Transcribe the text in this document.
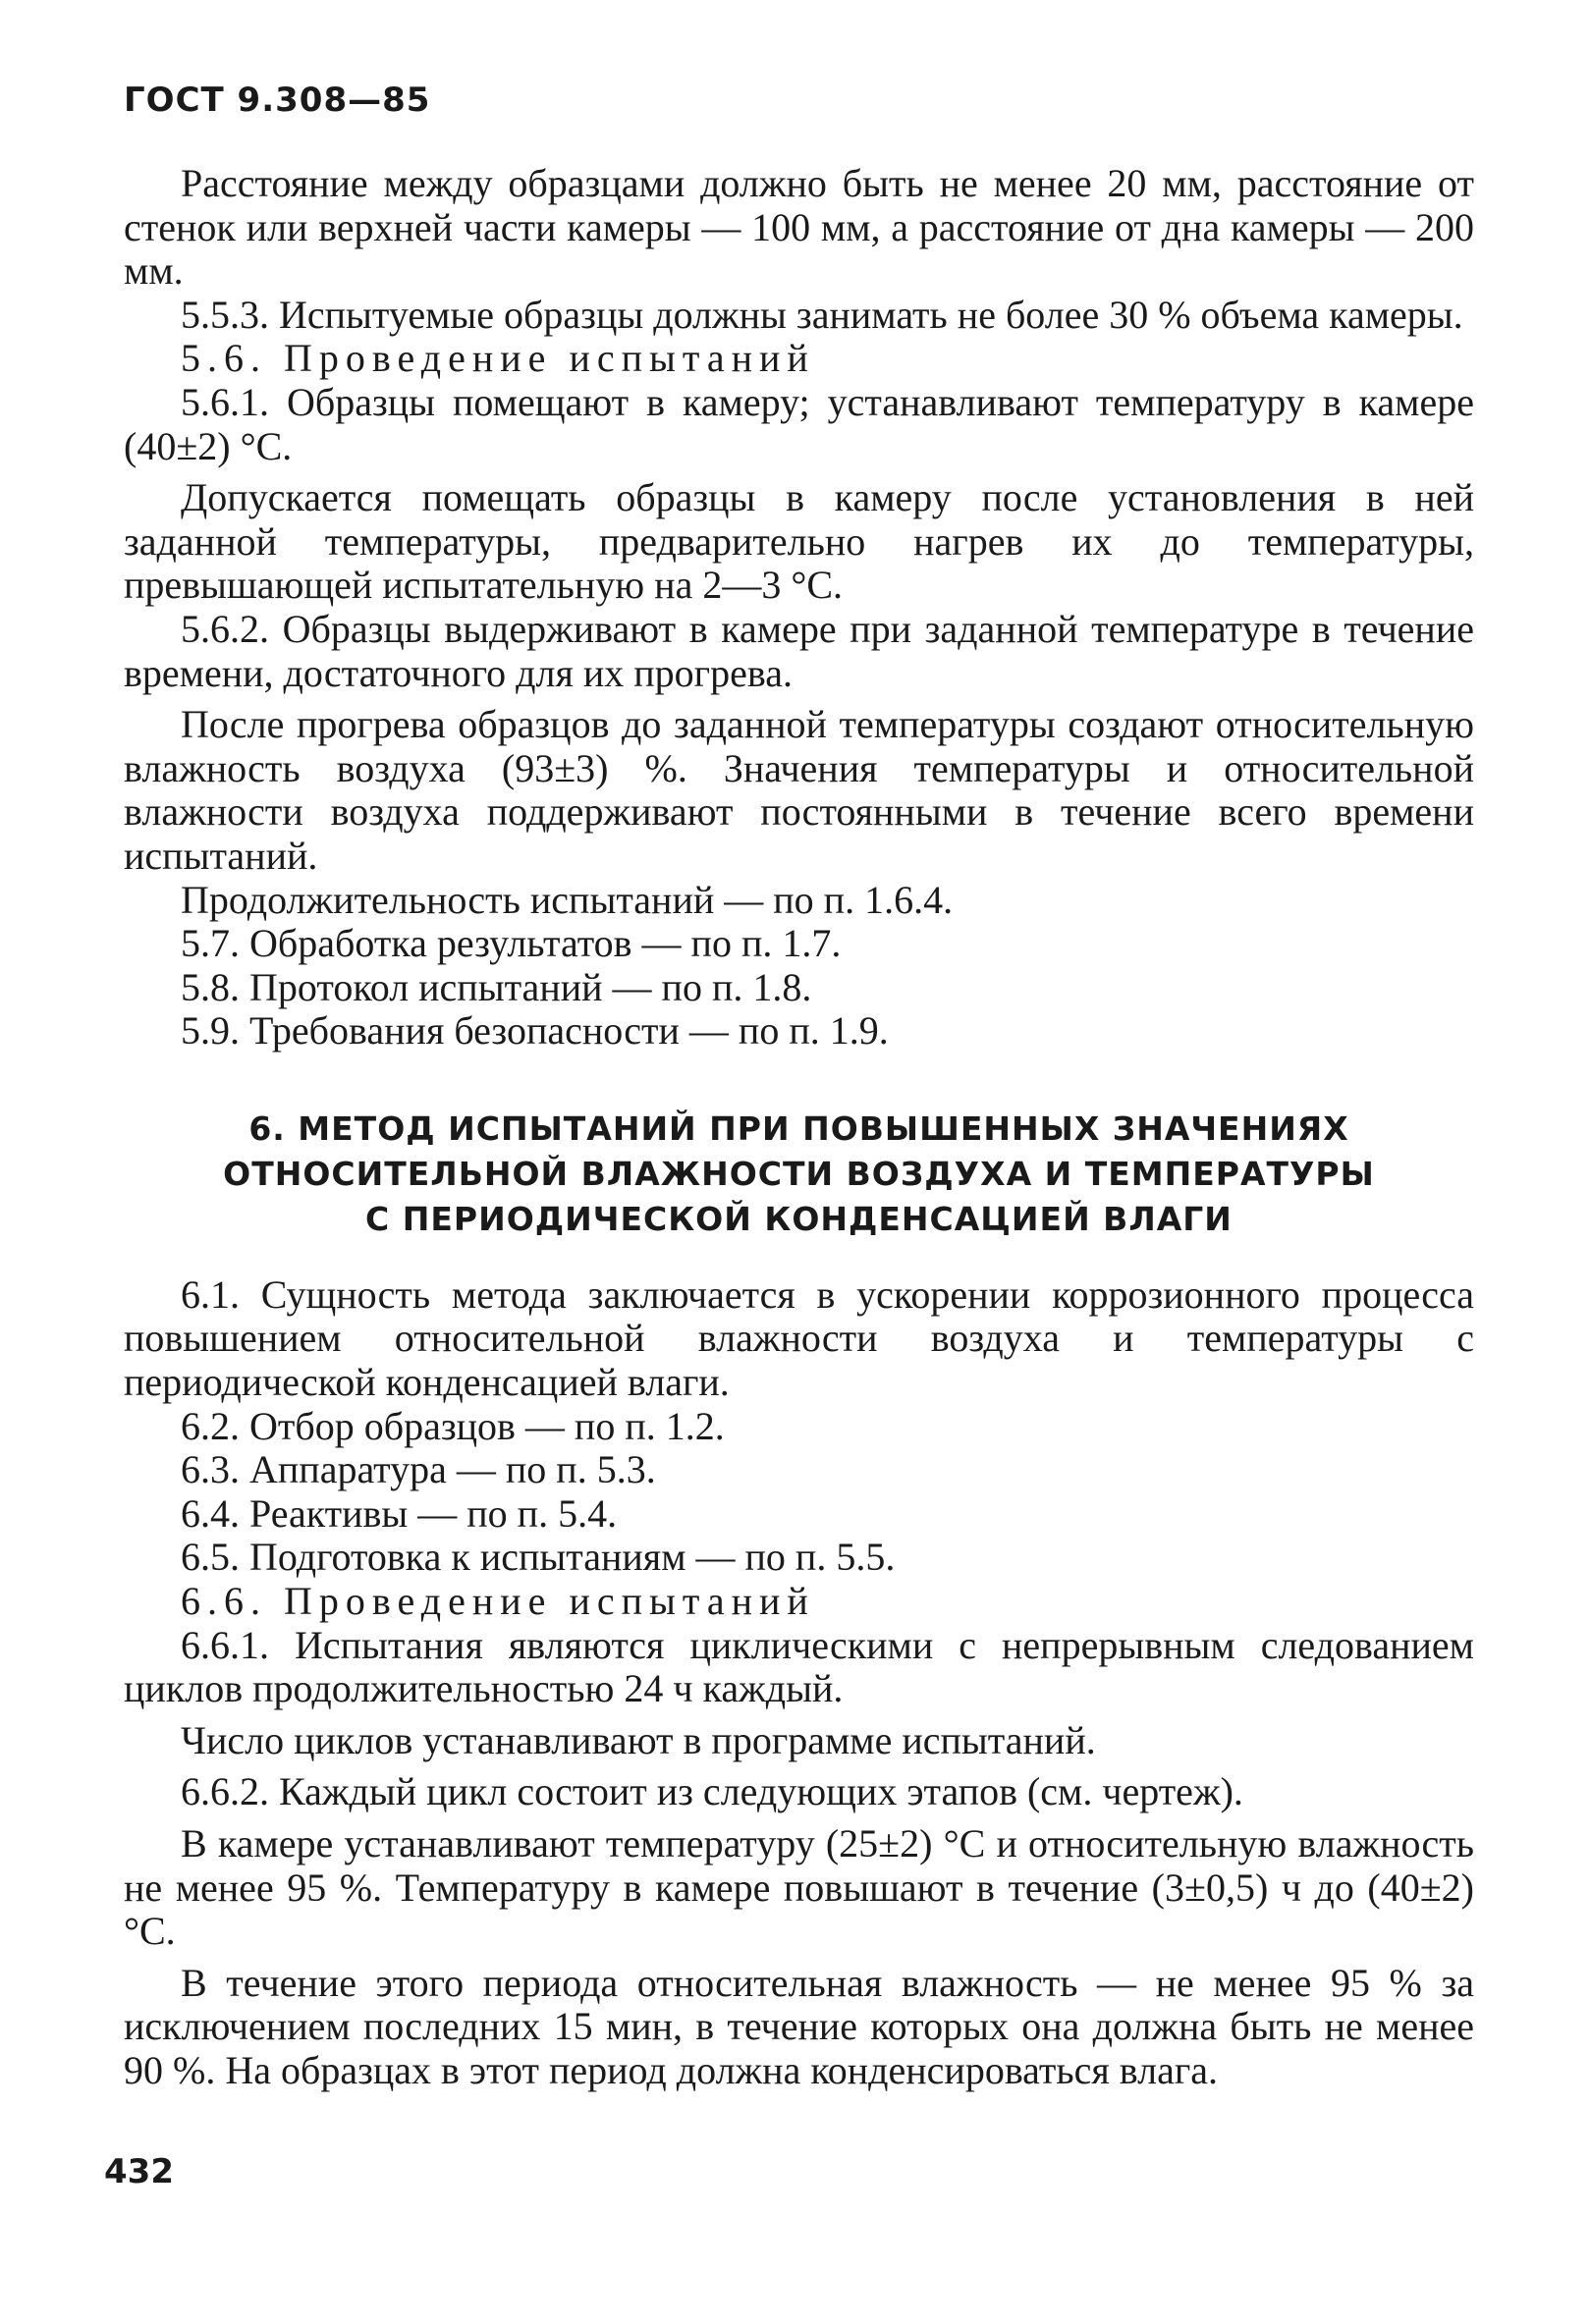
ГОСТ 9.308—85
Расстояние между образцами должно быть не менее 20 мм, расстояние от стенок или верхней части камеры — 100 мм, а расстояние от дна камеры — 200 мм.
5.5.3. Испытуемые образцы должны занимать не более 30 % объема камеры.
5.6. Проведение испытаний
5.6.1. Образцы помещают в камеру; устанавливают температуру в камере (40±2) °С.
Допускается помещать образцы в камеру после установления в ней заданной температуры, предварительно нагрев их до температуры, превышающей испытательную на 2—3 °С.
5.6.2. Образцы выдерживают в камере при заданной температуре в течение времени, достаточного для их прогрева.
После прогрева образцов до заданной температуры создают относительную влажность воздуха (93±3) %. Значения температуры и относительной влажности воздуха поддерживают постоянными в течение всего времени испытаний.
Продолжительность испытаний — по п. 1.6.4.
5.7. Обработка результатов — по п. 1.7.
5.8. Протокол испытаний — по п. 1.8.
5.9. Требования безопасности — по п. 1.9.
6. МЕТОД ИСПЫТАНИЙ ПРИ ПОВЫШЕННЫХ ЗНАЧЕНИЯХ
ОТНОСИТЕЛЬНОЙ ВЛАЖНОСТИ ВОЗДУХА И ТЕМПЕРАТУРЫ
С ПЕРИОДИЧЕСКОЙ КОНДЕНСАЦИЕЙ ВЛАГИ
6.1. Сущность метода заключается в ускорении коррозионного процесса повышением относительной влажности воздуха и температуры с периодической конденсацией влаги.
6.2. Отбор образцов — по п. 1.2.
6.3. Аппаратура — по п. 5.3.
6.4. Реактивы — по п. 5.4.
6.5. Подготовка к испытаниям — по п. 5.5.
6.6. Проведение испытаний
6.6.1. Испытания являются циклическими с непрерывным следованием циклов продолжительностью 24 ч каждый.
Число циклов устанавливают в программе испытаний.
6.6.2. Каждый цикл состоит из следующих этапов (см. чертеж).
В камере устанавливают температуру (25±2) °С и относительную влажность не менее 95 %. Температуру в камере повышают в течение (3±0,5) ч до (40±2) °С.
В течение этого периода относительная влажность — не менее 95 % за исключением последних 15 мин, в течение которых она должна быть не менее 90 %. На образцах в этот период должна конденсироваться влага.
432
